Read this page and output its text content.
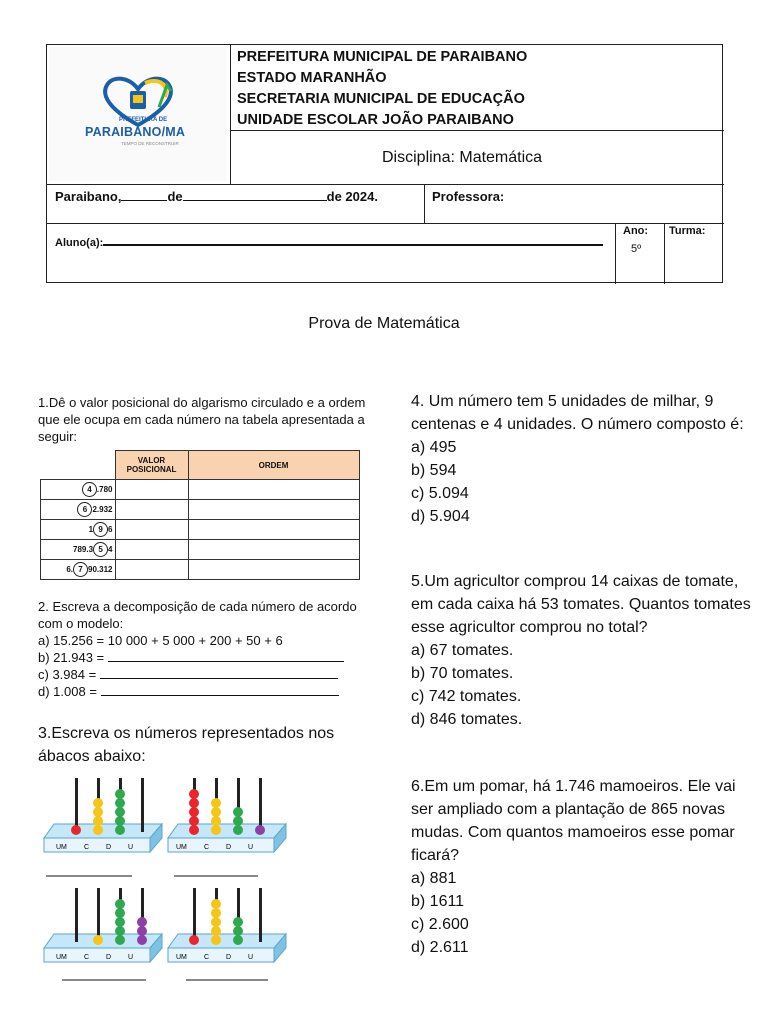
PREFEITURA DE
PARAIBANO/MA
TEMPO DE RECONSTRUIR
PREFEITURA MUNICIPAL DE PARAIBANO
ESTADO MARANHÃO
SECRETARIA MUNICIPAL DE EDUCAÇÃO
UNIDADE ESCOLAR JOÃO PARAIBANO
Disciplina: Matemática
Paraibano,	de	de 2024.	Professora:
Aluno(a):
Ano:
5º
Turma:
Prova de Matemática
1.Dê o valor posicional do algarismo circulado e a ordem que ele ocupa em cada número na tabela apresentada a seguir:
	VALOR POSICIONAL	ORDEM
4 .780		
6 2.932		
1 9 6		
789.3 5 4		
6. 7 90.312		
2. Escreva a decomposição de cada número de acordo com o modelo:
a) 15.256 = 10 000 + 5 000 + 200 + 50 + 6
b) 21.943 =
c) 3.984 =
d) 1.008 =
3.Escreva os números representados nos ábacos abaixo:
UM C D U	UM C D U
UM C D U	UM C D U
4. Um número tem 5 unidades de milhar, 9 centenas e 4 unidades. O número composto é:
a) 495
b) 594
c) 5.094
d) 5.904
5.Um agricultor comprou 14 caixas de tomate, em cada caixa há 53 tomates. Quantos tomates esse agricultor comprou no total?
a) 67 tomates.
b) 70 tomates.
c) 742 tomates.
d) 846 tomates.
6.Em um pomar, há 1.746 mamoeiros. Ele vai ser ampliado com a plantação de 865 novas mudas. Com quantos mamoeiros esse pomar ficará?
a) 881
b) 1611
c) 2.600
d) 2.611
